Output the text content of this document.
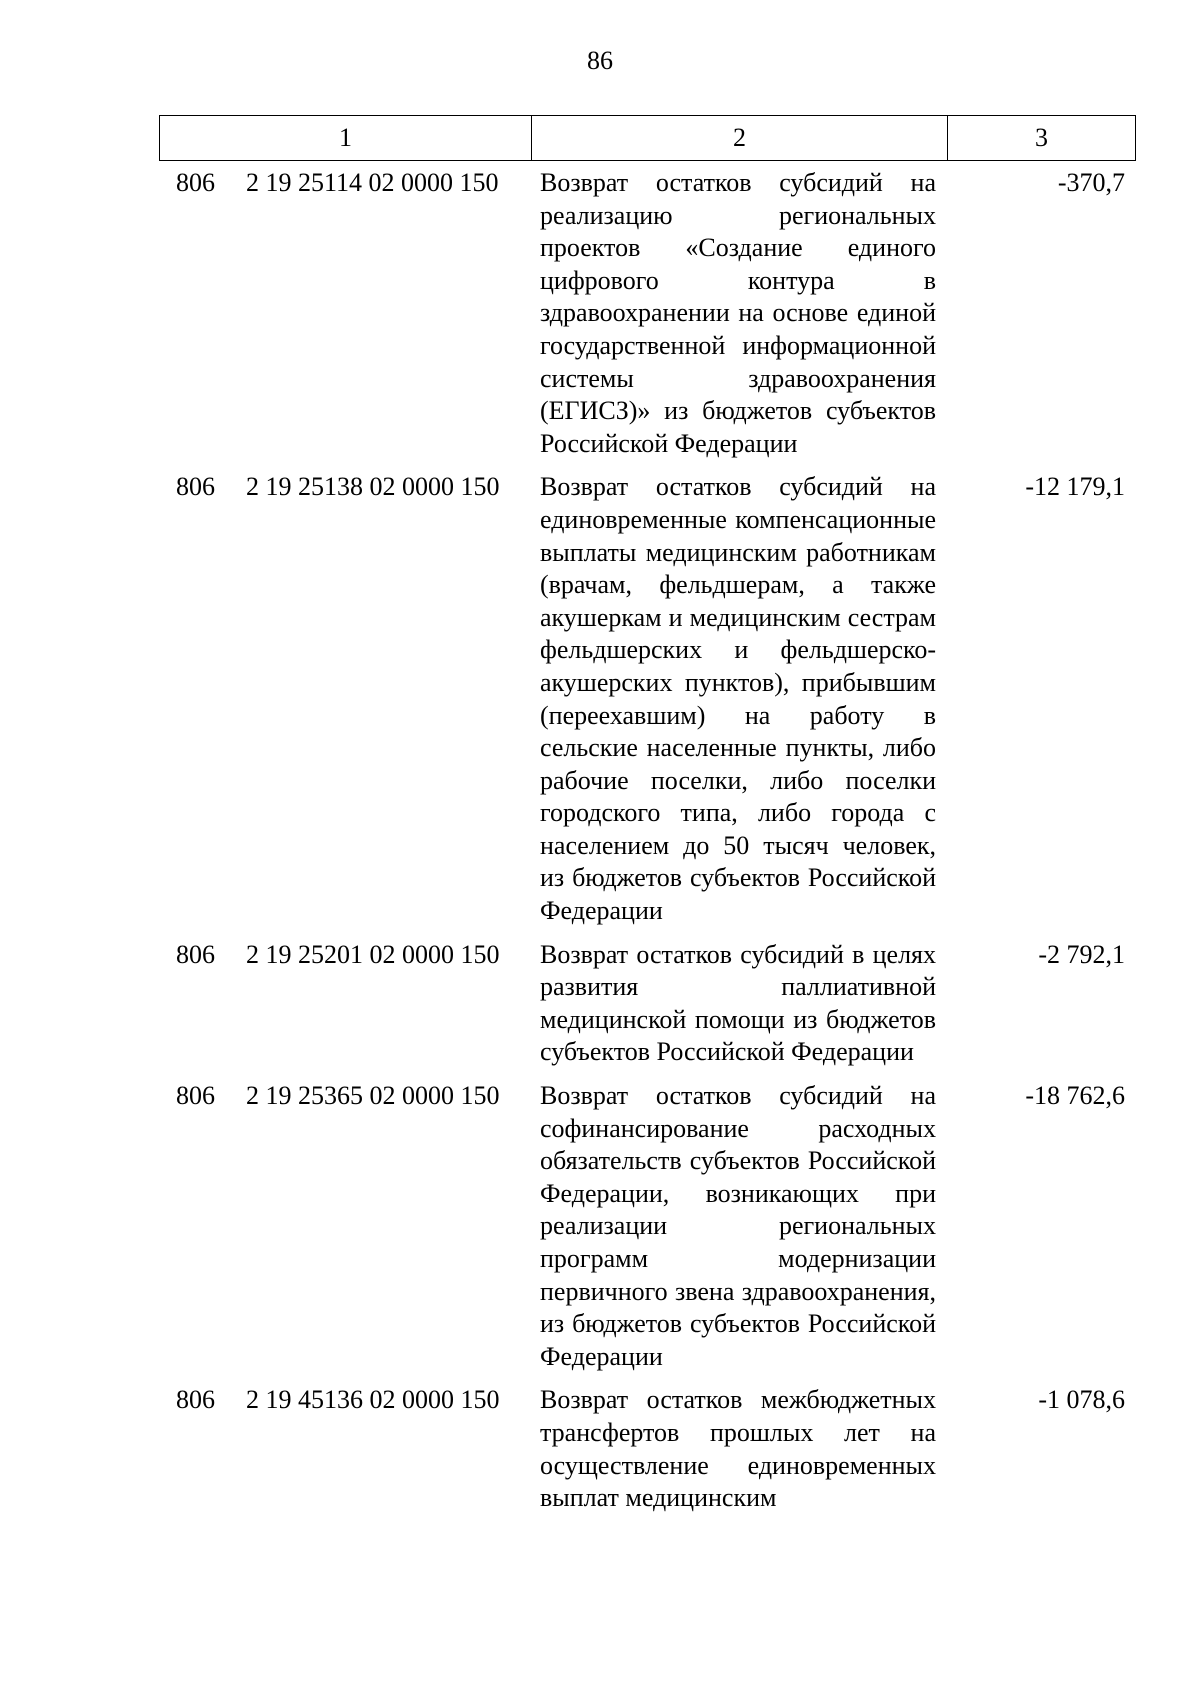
86
1	2	3
806 2 19 25114 02 0000 150 Возврат остатков субсидий на реализацию региональных проектов «Создание единого цифрового контура в здравоохранении на основе единой государственной информационной системы здравоохранения (ЕГИСЗ)» из бюджетов субъектов Российской Федерации
-370,7
806 2 19 25138 02 0000 150 Возврат остатков субсидий на единовременные компенсационные выплаты медицинским работникам (врачам, фельдшерам, а также акушеркам и медицинским сестрам фельдшерских и фельдшерско-акушерских пунктов), прибывшим (переехавшим) на работу в сельские населенные пункты, либо рабочие поселки, либо поселки городского типа, либо города с населением до 50 тысяч человек, из бюджетов субъектов Российской Федерации
-12 179,1
806 2 19 25201 02 0000 150 Возврат остатков субсидий в целях развития паллиативной медицинской помощи из бюджетов субъектов Российской Федерации
-2 792,1
806 2 19 25365 02 0000 150 Возврат остатков субсидий на софинансирование расходных обязательств субъектов Российской Федерации, возникающих при реализации региональных программ модернизации первичного звена здравоохранения, из бюджетов субъектов Российской Федерации
-18 762,6
806 2 19 45136 02 0000 150 Возврат остатков межбюджетных трансфертов прошлых лет на осуществление единовременных выплат медицинским
-1 078,6
